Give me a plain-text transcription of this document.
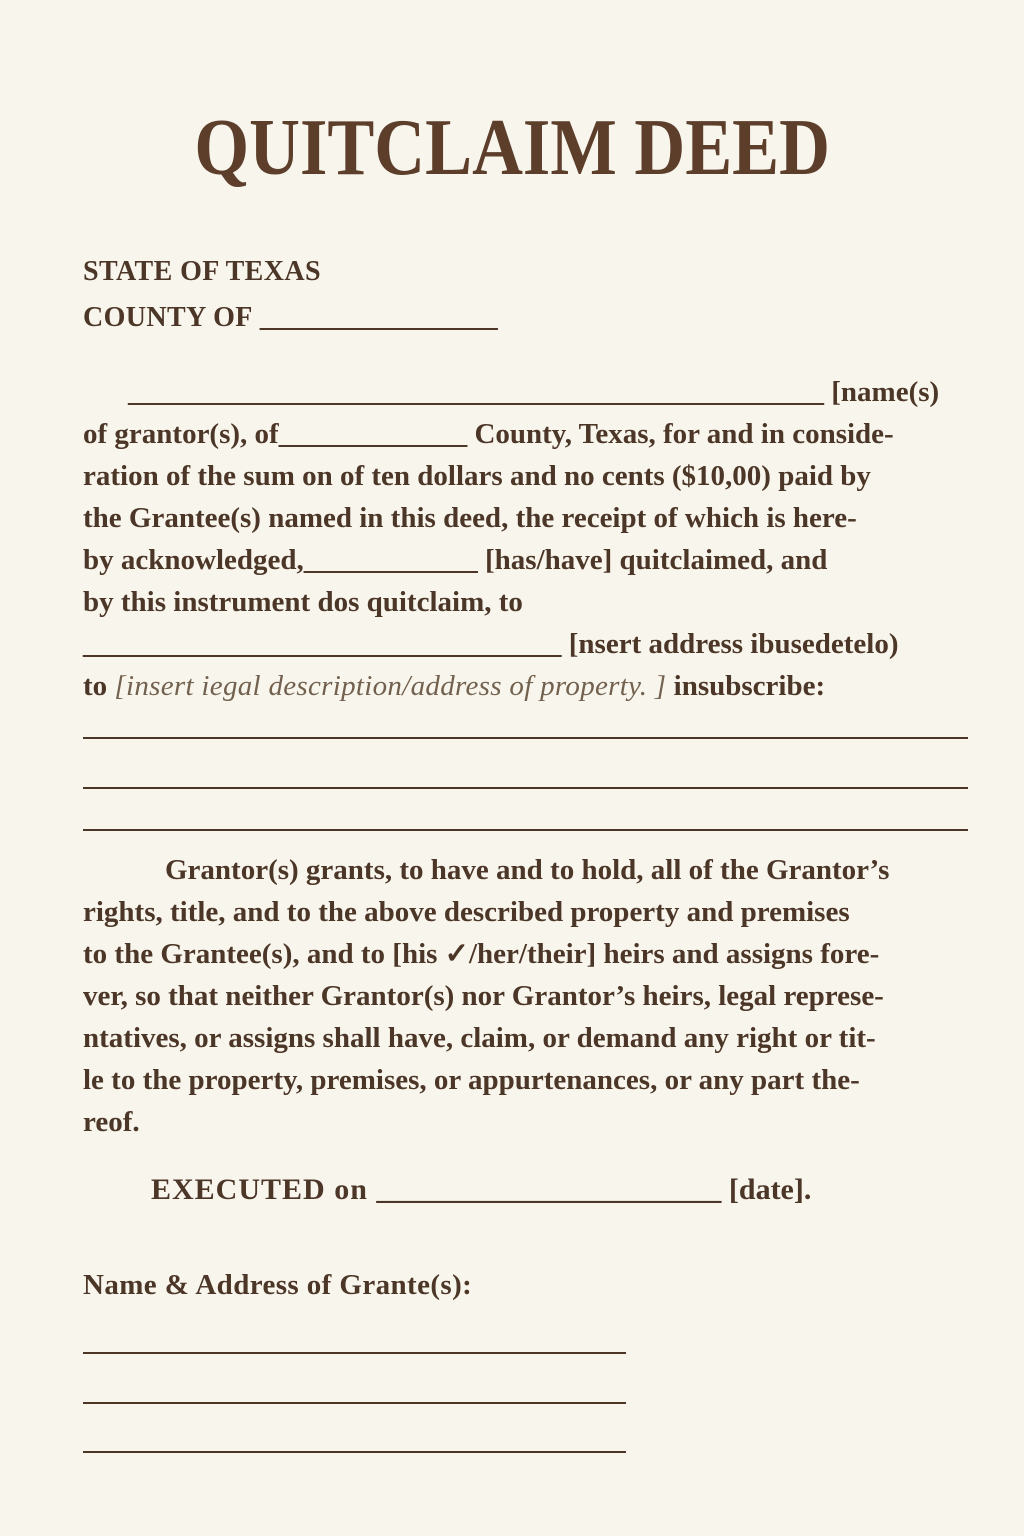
QUITCLAIM DEED
STATE OF TEXAS
COUNTY OF _________________
________________________________________________ [name(s)
of grantor(s), of_____________ County, Texas, for and in conside-
ration of the sum on of ten dollars and no cents ($10,00) paid by
the Grantee(s) named in this deed, the receipt of which is here-
by acknowledged,____________ [has/have] quitclaimed, and
by this instrument dos quitclaim, to
_________________________________ [nsert address ibusedetelo)
to [insert iegal description/address of property. ] insubscribe:
Grantor(s) grants, to have and to hold, all of the Grantor’s
rights, title, and to the above described property and premises
to the Grantee(s), and to [his ✓/her/their] heirs and assigns fore-
ver, so that neither Grantor(s) nor Grantor’s heirs, legal represe-
ntatives, or assigns shall have, claim, or demand any right or tit-
le to the property, premises, or appurtenances, or any part the-
reof.
EXECUTED on _______________________ [date].
Name & Address of Grante(s):
